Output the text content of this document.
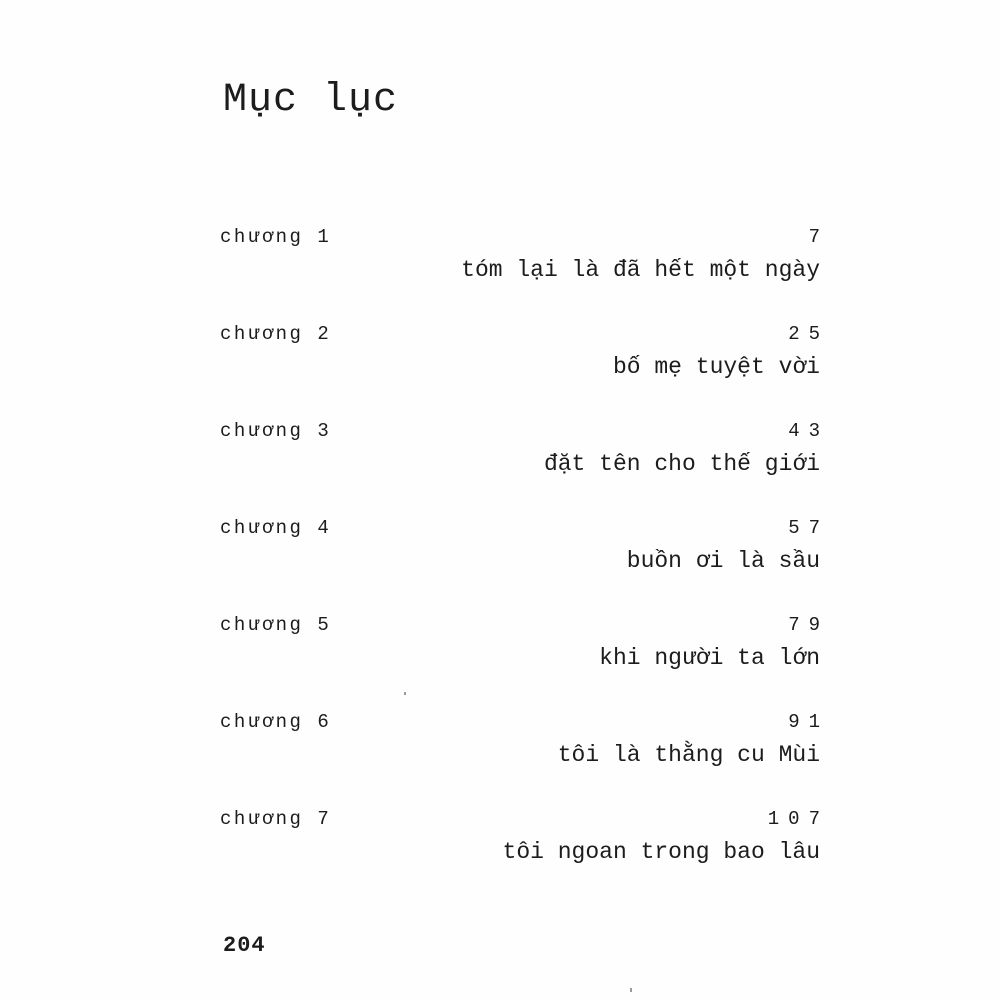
Mục lục
chương 1	7
tóm lại là đã hết một ngày
chương 2	25
bố mẹ tuyệt vời
chương 3	43
đặt tên cho thế giới
chương 4	57
buồn ơi là sầu
chương 5	79
khi người ta lớn
chương 6	91
tôi là thằng cu Mùi
chương 7	107
tôi ngoan trong bao lâu
204
